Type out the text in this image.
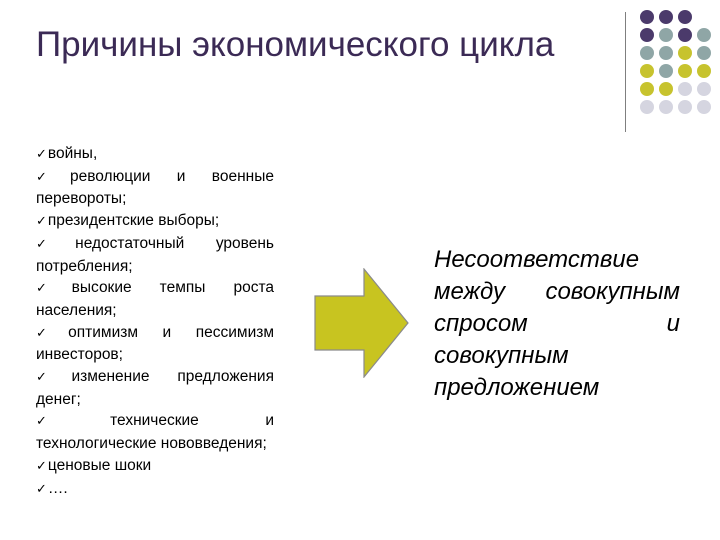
Причины экономического цикла
✓войны,
✓революции и военные перевороты;
✓президентские выборы;
✓недостаточный уровень потребления;
✓высокие темпы роста населения;
✓оптимизм и пессимизм инвесторов;
✓изменение предложения денег;
✓технические и технологические нововведения;
✓ценовые шоки
✓….

Несоответствие между совокупным спросом и совокупным предложением
